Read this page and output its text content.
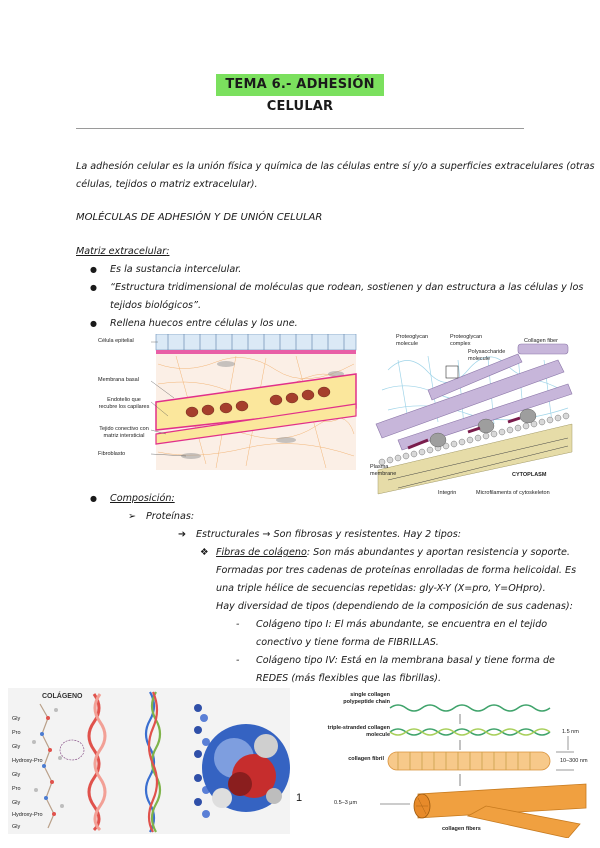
TEMA 6.- ADHESIÓN CELULAR
La adhesión celular es la unión física y química de las células entre sí y/o a superficies extracelulares (otras
células, tejidos o matriz extracelular).
MOLÉCULAS DE ADHESIÓN Y DE UNIÓN CELULAR
Matriz extracelular:
● Es la sustancia intercelular.
● “Estructura tridimensional de moléculas que rodean, sostienen y dan estructura a las células y los
tejidos biológicos”.
● Rellena huecos entre células y los une.
Célula epitelial
Membrana basal
Endotelio que recubre los capilares
Tejido conectivo con matriz intersticial
Fibroblasto
Proteoglycan molecule
Proteoglycan complex
Polysaccharide molecule
Collagen fiber
Plasma membrane	CYTOPLASM
Integrin	Microfilaments of cytoskeleton
● Composición:
➢ Proteínas:
➔ Estructurales → Son fibrosas y resistentes. Hay 2 tipos:
❖ Fibras de colágeno: Son más abundantes y aportan resistencia y soporte.
Formadas por tres cadenas de proteínas enrolladas de forma helicoidal. Es
una triple hélice de secuencias repetidas: gly-X-Y (X=pro, Y=OHpro).
Hay diversidad de tipos (dependiendo de la composición de sus cadenas):
- Colágeno tipo I: El más abundante, se encuentra en el tejido
conectivo y tiene forma de FIBRILLAS.
- Colágeno tipo IV: Está en la membrana basal y tiene forma de
REDES (más flexibles que las fibrillas).
COLÁGENO
Gly
Pro
Gly
Hydroxy-Pro
Gly
Pro
Gly
Hydroxy-Pro
Gly
1
single collagen polypeptide chain
triple-stranded collagen molecule
collagen fibril
collagen fibers
1.5 nm
10–300 nm
0.5–3 μm
